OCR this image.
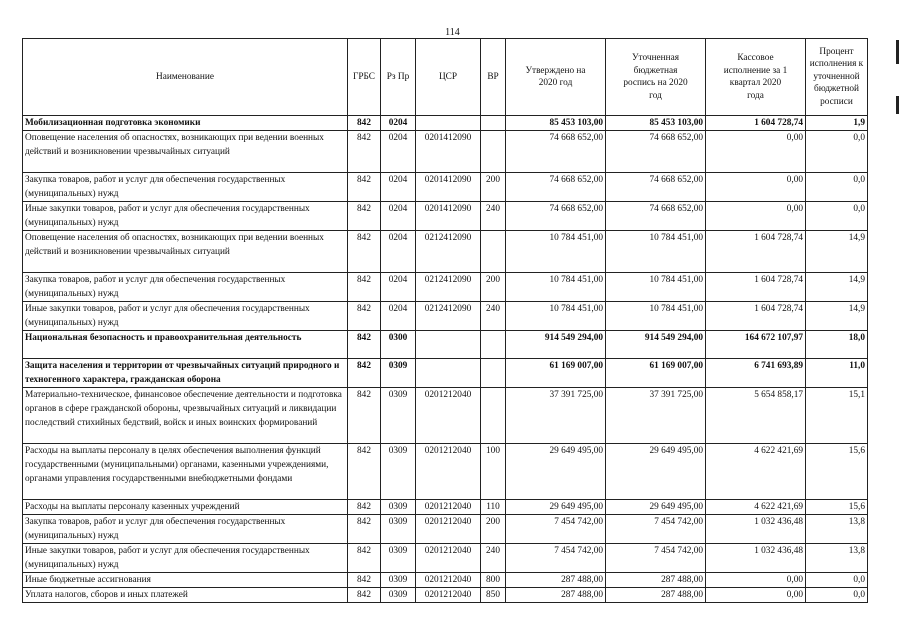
114
Наименование	ГРБС	Рз Пр	ЦСР	ВР	Утверждено на 2020 год	Уточненная бюджетная роспись на 2020 год	Кассовое исполнение за 1 квартал 2020 года	Процент исполнения к уточненной бюджетной росписи
Мобилизационная подготовка экономики	842	0204			85 453 103,00	85 453 103,00	1 604 728,74	1,9
Оповещение населения об опасностях, возникающих при ведении военных действий и возникновении чрезвычайных ситуаций	842	0204	0201412090		74 668 652,00	74 668 652,00	0,00	0,0
Закупка товаров, работ и услуг для обеспечения государственных (муниципальных) нужд	842	0204	0201412090	200	74 668 652,00	74 668 652,00	0,00	0,0
Иные закупки товаров, работ и услуг для обеспечения государственных (муниципальных) нужд	842	0204	0201412090	240	74 668 652,00	74 668 652,00	0,00	0,0
Оповещение населения об опасностях, возникающих при ведении военных действий и возникновении чрезвычайных ситуаций	842	0204	0212412090		10 784 451,00	10 784 451,00	1 604 728,74	14,9
Закупка товаров, работ и услуг для обеспечения государственных (муниципальных) нужд	842	0204	0212412090	200	10 784 451,00	10 784 451,00	1 604 728,74	14,9
Иные закупки товаров, работ и услуг для обеспечения государственных (муниципальных) нужд	842	0204	0212412090	240	10 784 451,00	10 784 451,00	1 604 728,74	14,9
Национальная безопасность и правоохранительная деятельность	842	0300			914 549 294,00	914 549 294,00	164 672 107,97	18,0
Защита населения и территории от чрезвычайных ситуаций природного и техногенного характера, гражданская оборона	842	0309			61 169 007,00	61 169 007,00	6 741 693,89	11,0
Материально-техническое, финансовое обеспечение деятельности и подготовка органов в сфере гражданской обороны, чрезвычайных ситуаций и ликвидации последствий стихийных бедствий, войск и иных воинских формирований	842	0309	0201212040		37 391 725,00	37 391 725,00	5 654 858,17	15,1
Расходы на выплаты персоналу в целях обеспечения выполнения функций государственными (муниципальными) органами, казенными учреждениями, органами управления государственными внебюджетными фондами	842	0309	0201212040	100	29 649 495,00	29 649 495,00	4 622 421,69	15,6
Расходы на выплаты персоналу казенных учреждений	842	0309	0201212040	110	29 649 495,00	29 649 495,00	4 622 421,69	15,6
Закупка товаров, работ и услуг для обеспечения государственных (муниципальных) нужд	842	0309	0201212040	200	7 454 742,00	7 454 742,00	1 032 436,48	13,8
Иные закупки товаров, работ и услуг для обеспечения государственных (муниципальных) нужд	842	0309	0201212040	240	7 454 742,00	7 454 742,00	1 032 436,48	13,8
Иные бюджетные ассигнования	842	0309	0201212040	800	287 488,00	287 488,00	0,00	0,0
Уплата налогов, сборов и иных платежей	842	0309	0201212040	850	287 488,00	287 488,00	0,00	0,0
